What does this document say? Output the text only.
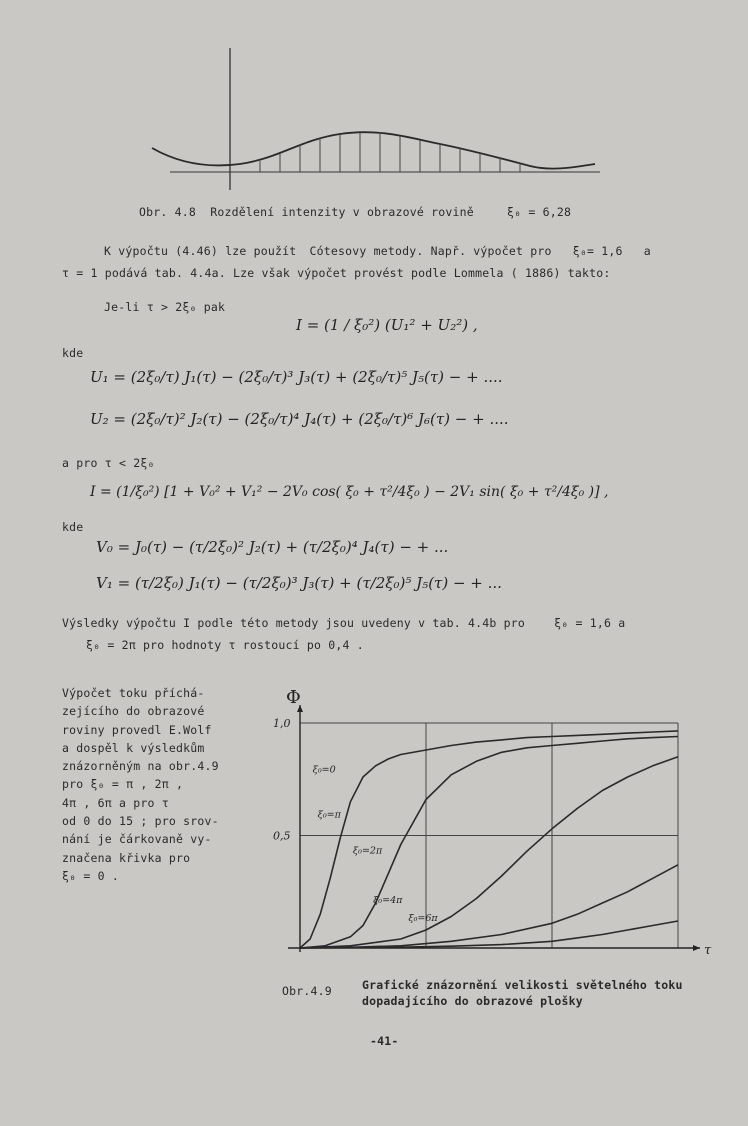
Obr. 4.8 Rozdělení intenzity v obrazové rovině	ξ₀ = 6,28
K výpočtu (4.46) lze použít Cótesovy metody. Např. výpočet pro ξ₀= 1,6 a
τ = 1 podává tab. 4.4a. Lze však výpočet provést podle Lommela ( 1886) takto:
Je-li τ > 2ξ₀ pak
I = (1 / ξ₀²) (U₁² + U₂²) ,
kde
U₁ = (2ξ₀/τ) J₁(τ) − (2ξ₀/τ)³ J₃(τ) + (2ξ₀/τ)⁵ J₅(τ) − + ....
U₂ = (2ξ₀/τ)² J₂(τ) − (2ξ₀/τ)⁴ J₄(τ) + (2ξ₀/τ)⁶ J₆(τ) − + ....
a pro τ < 2ξ₀
I = (1/ξ₀²) [1 + V₀² + V₁² − 2V₀ cos( ξ₀ + τ²/4ξ₀ ) − 2V₁ sin( ξ₀ + τ²/4ξ₀ )] ,
kde
V₀ = J₀(τ) − (τ/2ξ₀)² J₂(τ) + (τ/2ξ₀)⁴ J₄(τ) − + ...
V₁ = (τ/2ξ₀) J₁(τ) − (τ/2ξ₀)³ J₃(τ) + (τ/2ξ₀)⁵ J₅(τ) − + ...
Výsledky výpočtu I podle této metody jsou uvedeny v tab. 4.4b pro	ξ₀ = 1,6 a
ξ₀ = 2π pro hodnoty τ rostoucí po 0,4 .
Výpočet toku příchá-
zejícího do obrazové
roviny provedl E.Wolf
a dospěl k výsledkům
znázorněným na obr.4.9
pro ξ₀ = π , 2π ,
4π , 6π a pro τ
od 0 do 15 ; pro srov-
nání je čárkovaně vy-
značena křivka pro
ξ₀ = 0 .
1,0
0,5
Φ
τ
ξ₀=0
ξ₀=π
ξ₀=2π
ξ₀=4π
ξ₀=6π
Obr.4.9	Grafické znázornění velikosti světelného toku
dopadajícího do obrazové plošky
-41-
